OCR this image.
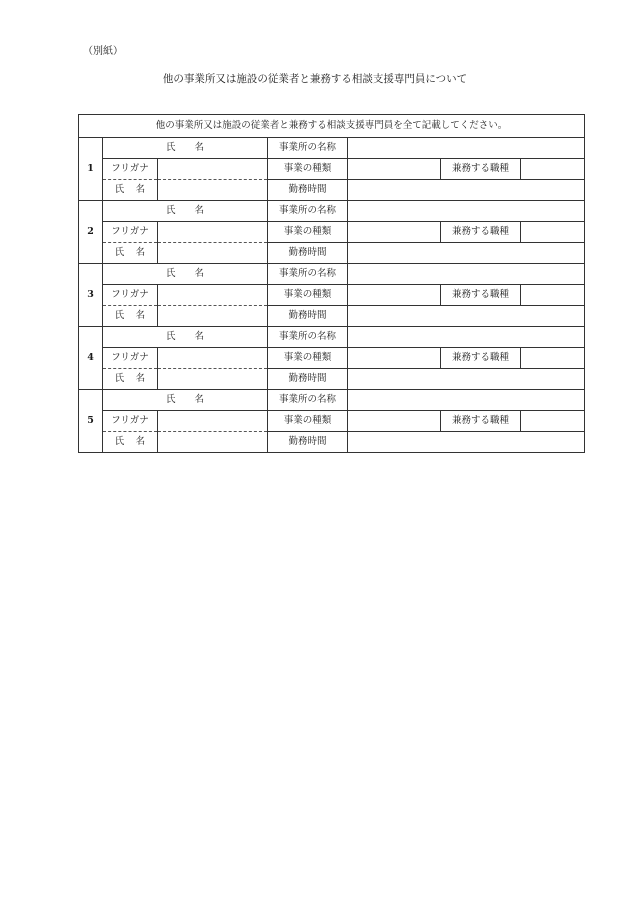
（別紙）
他の事業所又は施設の従業者と兼務する相談支援専門員について
他の事業所又は施設の従業者と兼務する相談支援専門員を全て記載してください。						
1	氏名		事業所の名称			
	フリガナ		事業の種類		兼務する職種	
	氏名		勤務時間			
2	氏名		事業所の名称			
	フリガナ		事業の種類		兼務する職種	
	氏名		勤務時間			
3	氏名		事業所の名称			
	フリガナ		事業の種類		兼務する職種	
	氏名		勤務時間			
4	氏名		事業所の名称			
	フリガナ		事業の種類		兼務する職種	
	氏名		勤務時間			
5	氏名		事業所の名称			
	フリガナ		事業の種類		兼務する職種	
	氏名		勤務時間			
